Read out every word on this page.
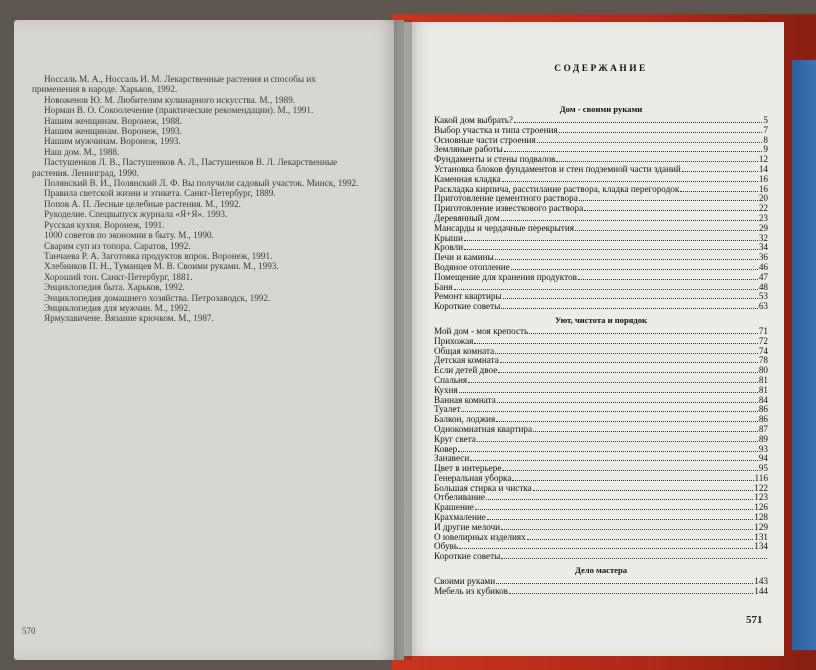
Носсаль М. А., Носсаль И. М. Лекарственные растения и способы их применения в народе. Харьков, 1992.

Новоженов Ю. М. Любителям кулинарного искусства. М., 1989.

Норман В. О. Сокоолечение (практические рекомендации). М., 1991.

Нашим женщинам. Воронеж, 1988.

Нашим женщинам. Воронеж, 1993.

Нашим мужчинам. Воронеж, 1993.

Наш дом. М., 1988.

Пастушенков Л. В., Пастушенков А. Л., Пастушенков В. Л. Лекарственные растения. Ленинград, 1990.

Полянский В. И., Полянский Л. Ф. Вы получили садовый участок. Минск, 1992.

Правила светской жизни и этикета. Санкт-Петербург, 1889.

Попов А. П. Лесные целебные растения. М., 1992.

Рукоделие. Спецвыпуск журнала «Я+Я». 1993.

Русская кухня. Воронеж, 1991.

1000 советов по экономии в быту. М., 1990.

Сварим суп из топора. Саратов, 1992.

Танчаева Р. А. Заготовка продуктов впрок. Воронеж, 1991.

Хлебников П. Н., Туманцев М. В. Своими руками. М., 1993.

Хороший тон. Санкт-Петербург, 1881.

Энциклопедия быта. Харьков, 1992.

Энциклопедия домашнего хозяйства. Петрозаводск, 1992.

Энциклопедия для мужчин. М., 1992.

Ярмулавичене. Вязание крючком. М., 1987.

570
СОДЕРЖАНИЕ
Дом - своими руками
Какой дом выбрать?	5
Выбор участка и типа строения	7
Основные части строения	8
Земляные работы	9
Фундаменты и стены подвалов	12
Установка блоков фундаментов и стен подземной части зданий	14
Каменная кладка	16
Раскладка кирпича, расстилание раствора, кладка перегородок	16
Приготовление цементного раствора	20
Приготовление известкового раствора	22
Деревянный дом	23
Мансарды и чердачные перекрытия	29
Крыши	32
Кровли	34
Печи и камины	36
Водяное отопление	46
Помещение для хранения продуктов	47
Баня	48
Ремонт квартиры	53
Короткие советы	63
Уют, чистота и порядок
Мой дом - моя крепость	71
Прихожая	72
Общая комната	74
Детская комната	78
Если детей двое	80
Спальня	81
Кухня	81
Ванная комната	84
Туалет	86
Балкон, лоджия	86
Однокомнатная квартира	87
Круг света	89
Ковер	93
Занавеси	94
Цвет в интерьере	95
Генеральная уборка	116
Большая стирка и чистка	122
Отбеливание	123
Крашение	126
Крахмаление	128
И другие мелочи	129
О ювелирных изделиях	131
Обувь	134
Короткие советы
Дело мастера
Своими руками	143
Мебель из кубиков	144
571
